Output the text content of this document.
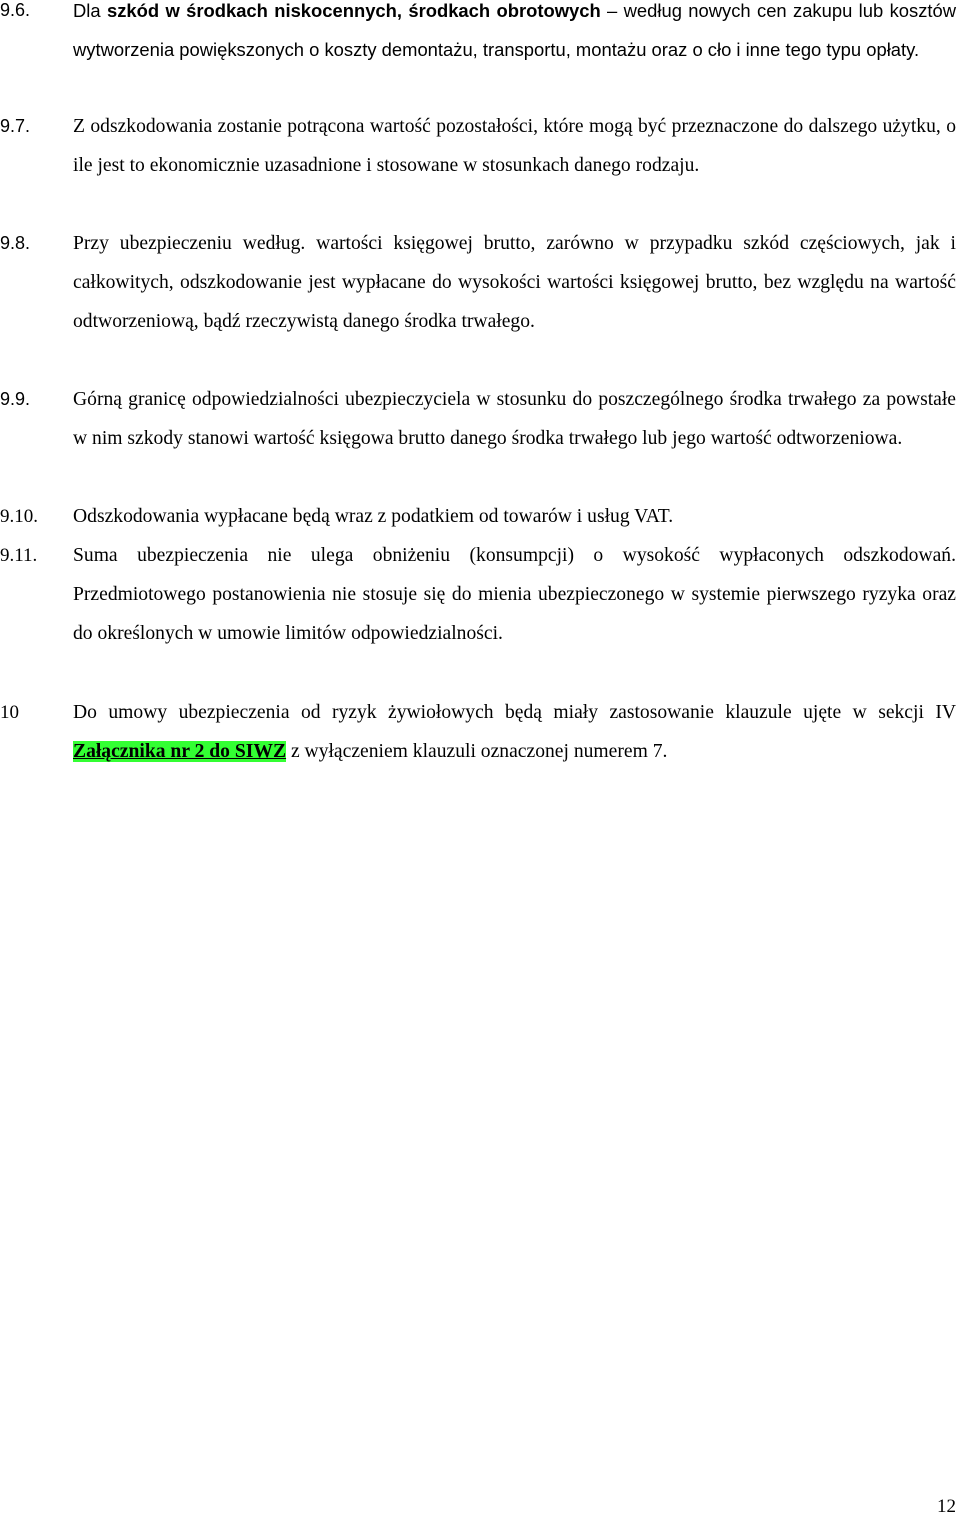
9.6. Dla szkód w środkach niskocennych, środkach obrotowych – według nowych cen zakupu lub kosztów wytworzenia powiększonych o koszty demontażu, transportu, montażu oraz o cło i inne tego typu opłaty.
9.7. Z odszkodowania zostanie potrącona wartość pozostałości, które mogą być przeznaczone do dalszego użytku, o ile jest to ekonomicznie uzasadnione i stosowane w stosunkach danego rodzaju.
9.8. Przy ubezpieczeniu według. wartości księgowej brutto, zarówno w przypadku szkód częściowych, jak i całkowitych, odszkodowanie jest wypłacane do wysokości wartości księgowej brutto, bez względu na wartość odtworzeniową, bądź rzeczywistą danego środka trwałego.
9.9. Górną granicę odpowiedzialności ubezpieczyciela w stosunku do poszczególnego środka trwałego za powstałe w nim szkody stanowi wartość księgowa brutto danego środka trwałego lub jego wartość odtworzeniowa.
9.10. Odszkodowania wypłacane będą wraz z podatkiem od towarów i usług VAT.
9.11. Suma ubezpieczenia nie ulega obniżeniu (konsumpcji) o wysokość wypłaconych odszkodowań. Przedmiotowego postanowienia nie stosuje się do mienia ubezpieczonego w systemie pierwszego ryzyka oraz do określonych w umowie limitów odpowiedzialności.
10	Do umowy ubezpieczenia od ryzyk żywiołowych będą miały zastosowanie klauzule ujęte w sekcji IV Załącznika nr 2 do SIWZ z wyłączeniem klauzuli oznaczonej numerem 7.
12
